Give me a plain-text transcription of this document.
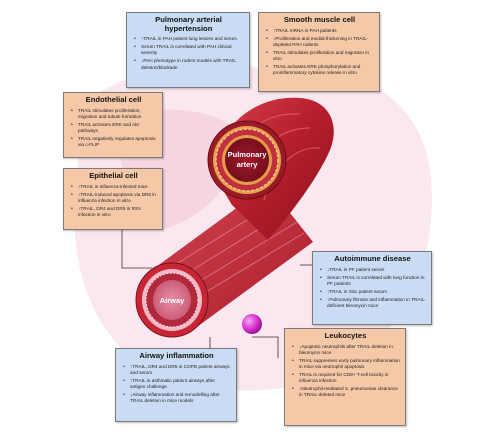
Pulmonary
artery
Airway
Pulmonary arterial
hypertension
• ↑TRAIL in PAH patient lung lesions and serum
• Serum TRAIL is correlated with PAH clinical severity
• ↓PAH phenotype in rodent models with TRAIL deletion/blockade
Smooth muscle cell
• ↑TRAIL mRNA in PAH patients
• ↓Proliferation and medial thickening in TRAIL-depleted PAH rodents
• TRAIL stimulates proliferation and migration in vitro
• TRAIL activates ERK phosphorylation and proinflammatory cytokine release in vitro
Endothelial cell
• TRAIL stimulates proliferation, migration and tubule formation
• TRAIL activates ERK and Akt pathways
• TRAIL negatively regulates apoptosis via c-FLIP
Epithelial cell
• ↑TRAIL in influenza-infected mice
• ↑TRAIL-induced apoptosis via DR5 in influenza infection in vitro
• ↑TRAIL, DR4 and DR5 in RSV infection in vitro
Autoimmune disease
• ↓TRAIL in PF patient serum
• Serum TRAIL is correlated with lung function in PF patients
• ↑TRAIL in SSc patient serum
• ↑Pulmonary fibrosis and inflammation in TRAIL-deficient bleomycin mice
Leukocytes
• ↓Apoptotic neutrophils after TRAIL deletion in bleomycin mice
• TRAIL suppresses early pulmonary inflammation in mice via neutrophil apoptosis
• TRAIL is required for CD8+ T-cell toxicity in influenza infection
• ↓Neutrophil-mediated S. pneumoniae clearance in TRAIL-deleted mice
Airway inflammation
• ↑TRAIL, DR4 and DR5 in COPD patient airways and serum
• ↑TRAIL in asthmatic patient airways after antigen challenge
• ↓Airway inflammation and remodelling after TRAIL deletion in mice models
